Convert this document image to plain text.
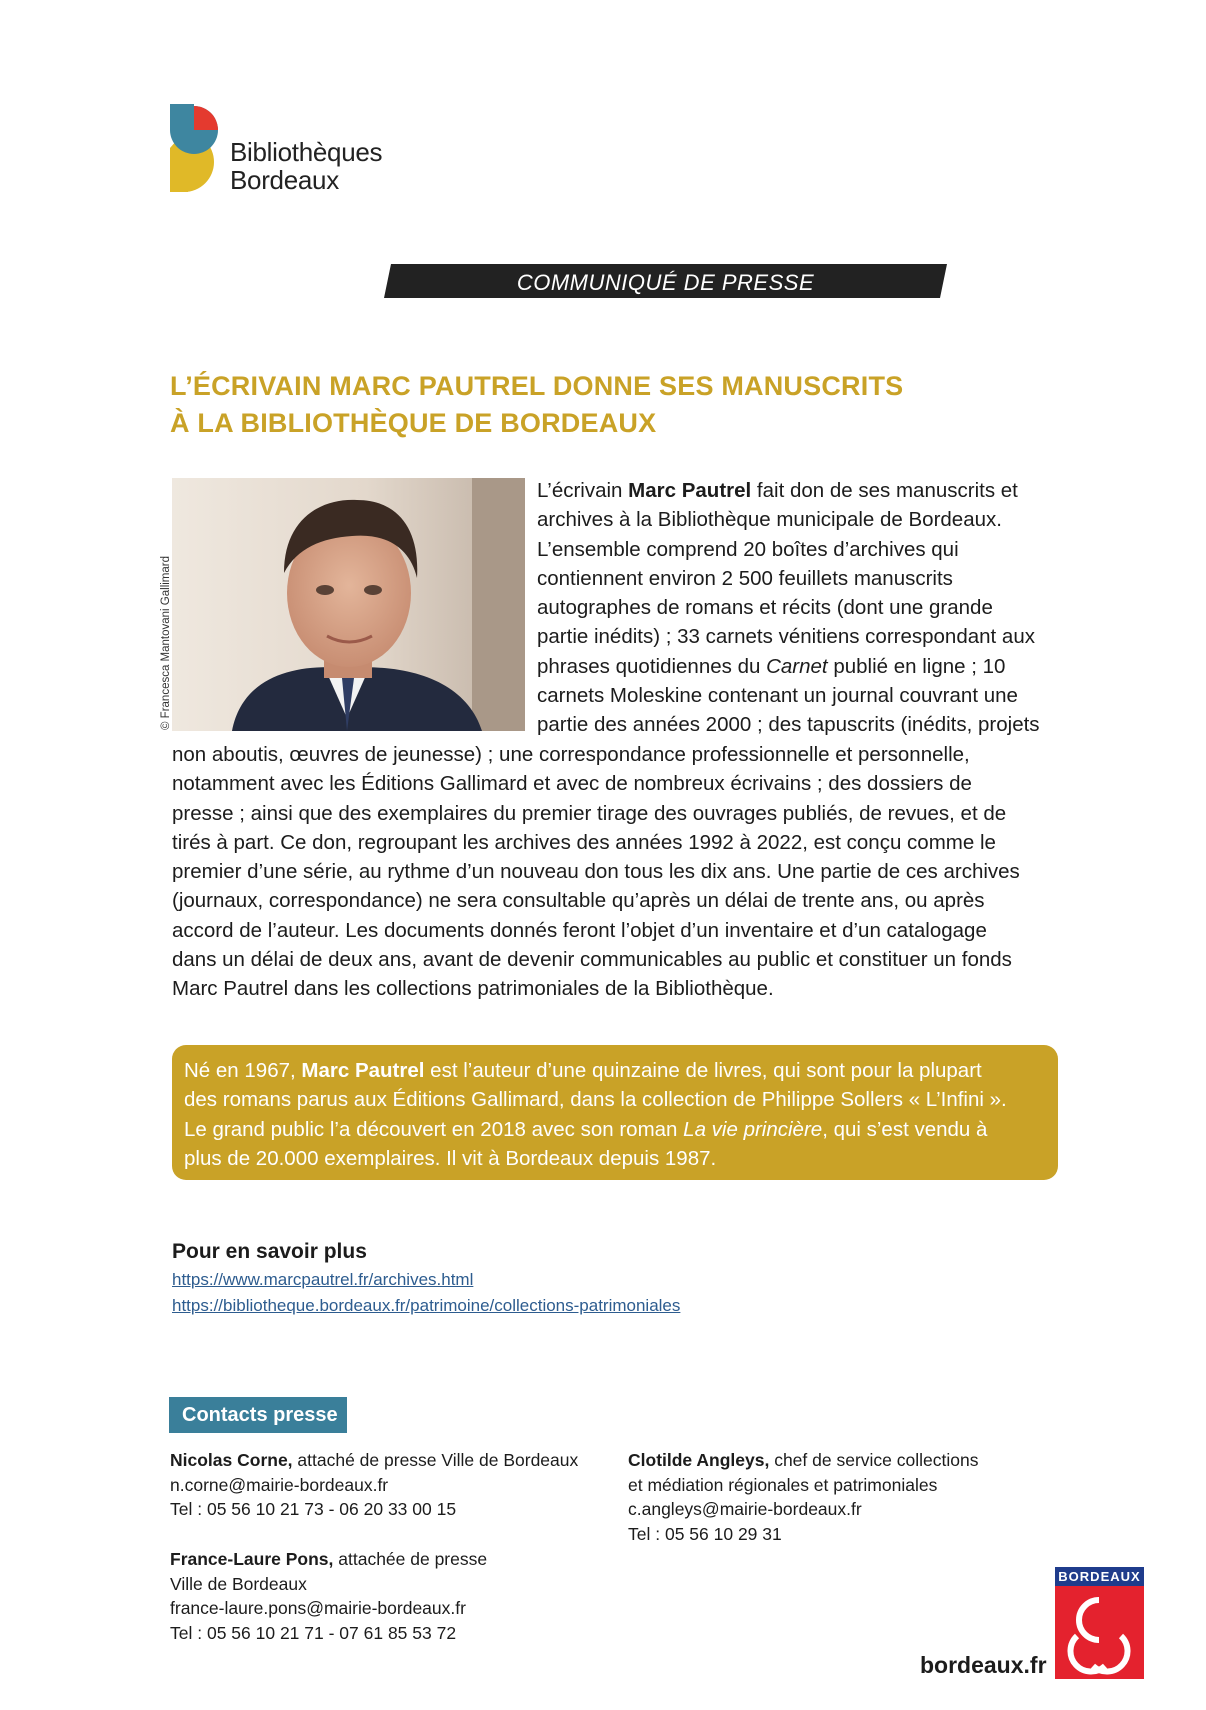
Bibliothèques
Bordeaux
COMMUNIQUÉ DE PRESSE
L’ÉCRIVAIN MARC PAUTREL DONNE SES MANUSCRITS
À LA BIBLIOTHÈQUE DE BORDEAUX
© Francesca Mantovani Gallimard
L’écrivain Marc Pautrel fait don de ses manuscrits et
archives à la Bibliothèque municipale de Bordeaux.
L’ensemble comprend 20 boîtes d’archives qui
contiennent environ 2 500 feuillets manuscrits
autographes de romans et récits (dont une grande
partie inédits) ; 33 carnets vénitiens correspondant aux
phrases quotidiennes du Carnet publié en ligne ; 10
carnets Moleskine contenant un journal couvrant une
partie des années 2000 ; des tapuscrits (inédits, projets
non aboutis, œuvres de jeunesse) ; une correspondance professionnelle et personnelle,
notamment avec les Éditions Gallimard et avec de nombreux écrivains ; des dossiers de
presse ; ainsi que des exemplaires du premier tirage des ouvrages publiés, de revues, et de
tirés à part. Ce don, regroupant les archives des années 1992 à 2022, est conçu comme le
premier d’une série, au rythme d’un nouveau don tous les dix ans. Une partie de ces archives
(journaux, correspondance) ne sera consultable qu’après un délai de trente ans, ou après
accord de l’auteur. Les documents donnés feront l’objet d’un inventaire et d’un catalogage
dans un délai de deux ans, avant de devenir communicables au public et constituer un fonds
Marc Pautrel dans les collections patrimoniales de la Bibliothèque.
Né en 1967, Marc Pautrel est l’auteur d’une quinzaine de livres, qui sont pour la plupart
des romans parus aux Éditions Gallimard, dans la collection de Philippe Sollers « L’Infini ».
Le grand public l’a découvert en 2018 avec son roman La vie princière, qui s’est vendu à
plus de 20.000 exemplaires. Il vit à Bordeaux depuis 1987.
Pour en savoir plus
https://www.marcpautrel.fr/archives.html
https://bibliotheque.bordeaux.fr/patrimoine/collections-patrimoniales
Contacts presse
Nicolas Corne, attaché de presse Ville de Bordeaux
n.corne@mairie-bordeaux.fr
Tel : 05 56 10 21 73 - 06 20 33 00 15
France-Laure Pons, attachée de presse
Ville de Bordeaux
france-laure.pons@mairie-bordeaux.fr
Tel : 05 56 10 21 71 - 07 61 85 53 72
Clotilde Angleys, chef de service collections
et médiation régionales et patrimoniales
c.angleys@mairie-bordeaux.fr
Tel : 05 56 10 29 31
bordeaux.fr
BORDEAUX
